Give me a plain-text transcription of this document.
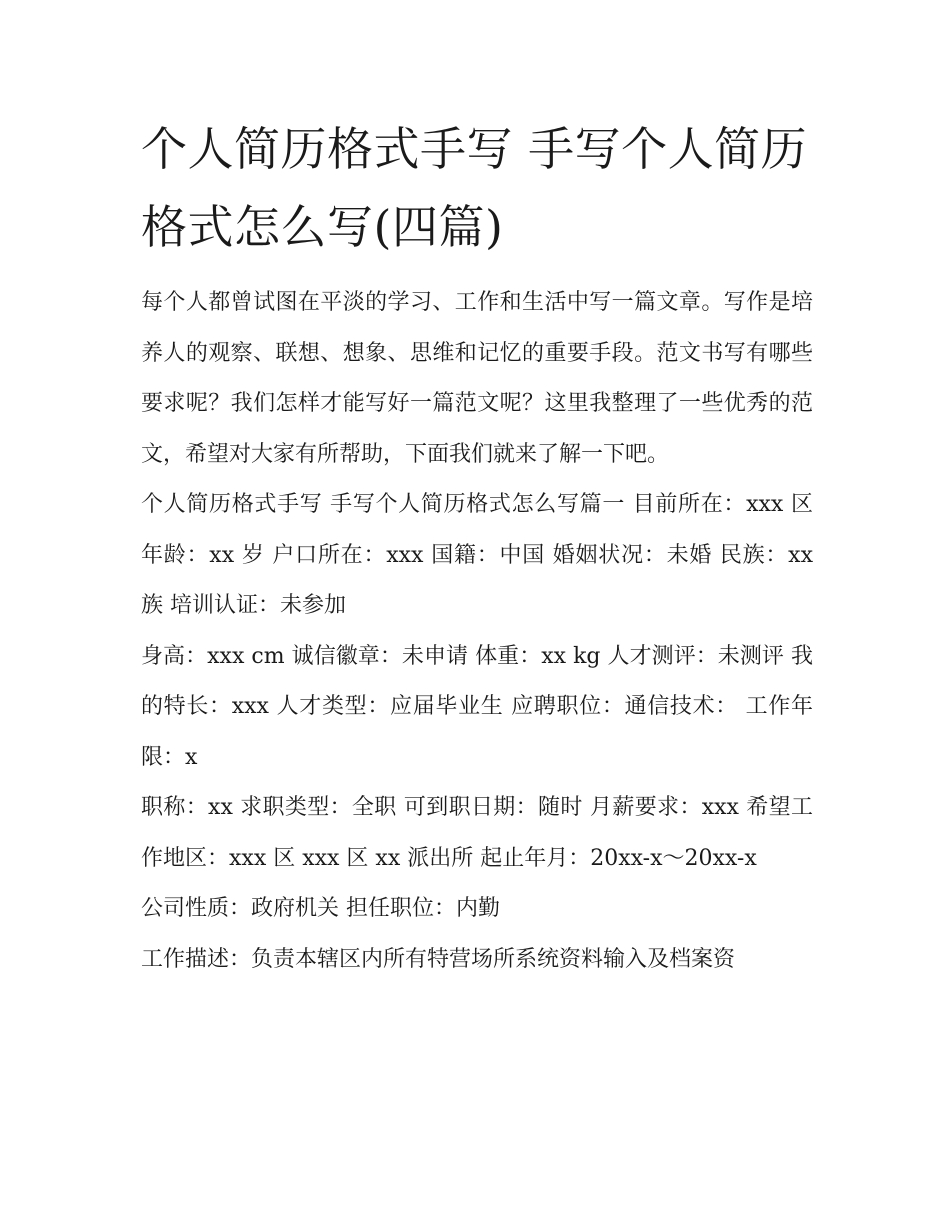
个人简历格式手写 手写个人简历格式怎么写(四篇)

每个人都曾试图在平淡的学习、工作和生活中写一篇文章。写作是培养人的观察、联想、想象、思维和记忆的重要手段。范文书写有哪些要求呢？我们怎样才能写好一篇范文呢？这里我整理了一些优秀的范文，希望对大家有所帮助，下面我们就来了解一下吧。

个人简历格式手写 手写个人简历格式怎么写篇一 目前所在：xxx 区 年龄：xx 岁 户口所在：xxx 国籍：中国 婚姻状况：未婚 民族：xx 族 培训认证：未参加

身高：xxx cm 诚信徽章：未申请 体重：xx kg 人才测评：未测评 我的特长：xxx 人才类型：应届毕业生 应聘职位：通信技术： 工作年限：x

职称：xx 求职类型：全职 可到职日期：随时 月薪要求：xxx 希望工作地区：xxx 区 xxx 区 xx 派出所 起止年月：20xx-x～20xx-x

公司性质：政府机关 担任职位：内勤

工作描述：负责本辖区内所有特营场所系统资料输入及档案资
